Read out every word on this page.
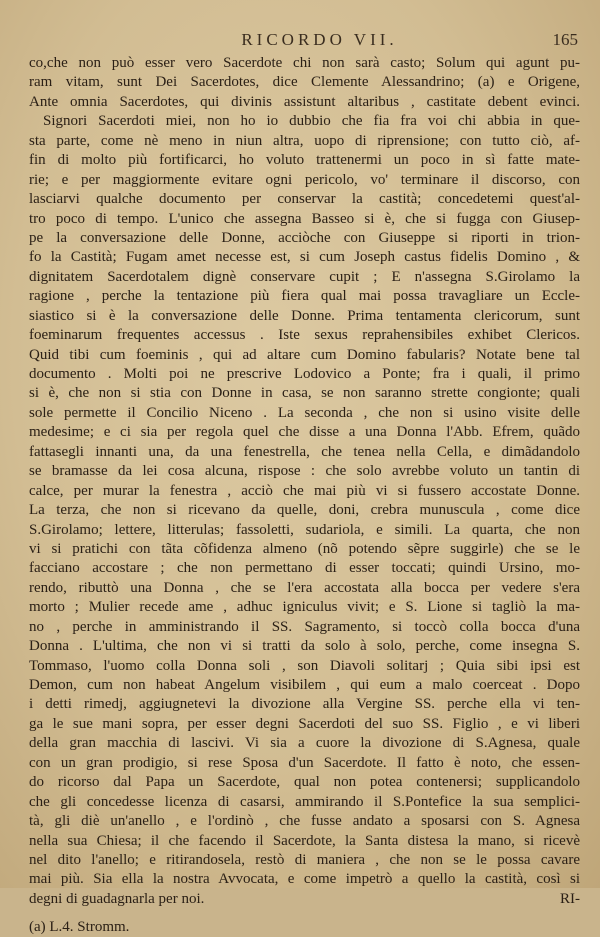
RICORDO VII.	165
co,che non può esser vero Sacerdote chi non sarà casto; Solum qui agunt pu-
ram vitam, sunt Dei Sacerdotes, dice Clemente Alessandrino; (a) e Origene,
Ante omnia Sacerdotes, qui divinis assistunt altaribus , castitate debent evinci.
Signori Sacerdoti miei, non ho io dubbio che fia fra voi chi abbia in que-
sta parte, come nè meno in niun altra, uopo di riprensione; con tutto ciò, af-
fin di molto più fortificarci, ho voluto trattenermi un poco in sì fatte mate-
rie; e per maggiormente evitare ogni pericolo, vo' terminare il discorso, con
lasciarvi qualche documento per conservar la castità; concedetemi quest'al-
tro poco di tempo. L'unico che assegna Basseo si è, che si fugga con Giusep-
pe la conversazione delle Donne, acciòche con Giuseppe si riporti in trion-
fo la Castità; Fugam amet necesse est, si cum Joseph castus fidelis Domino , &
dignitatem Sacerdotalem dignè conservare cupit ; E n'assegna S.Girolamo la
ragione , perche la tentazione più fiera qual mai possa travagliare un Eccle-
siastico si è la conversazione delle Donne. Prima tentamenta clericorum, sunt
foeminarum frequentes accessus . Iste sexus reprahensibiles exhibet Clericos.
Quid tibi cum foeminis , qui ad altare cum Domino fabularis? Notate bene tal
documento . Molti poi ne prescrive Lodovico a Ponte; fra i quali, il primo
si è, che non si stia con Donne in casa, se non saranno strette congionte; quali
sole permette il Concilio Niceno . La seconda , che non si usino visite delle
medesime; e ci sia per regola quel che disse a una Donna l'Abb. Efrem, quãdo
fattasegli innanti una, da una fenestrella, che tenea nella Cella, e dimãdandolo
se bramasse da lei cosa alcuna, rispose : che solo avrebbe voluto un tantin di
calce, per murar la fenestra , acciò che mai più vi si fussero accostate Donne.
La terza, che non si ricevano da quelle, doni, crebra munuscula , come dice
S.Girolamo; lettere, litterulas; fassoletti, sudariola, e simili. La quarta, che non
vi si pratichi con tãta cõfidenza almeno (nõ potendo sẽpre suggirle) che se le
facciano accostare ; che non permettano di esser toccati; quindi Ursino, mo-
rendo, ributtò una Donna , che se l'era accostata alla bocca per vedere s'era
morto ; Mulier recede ame , adhuc igniculus vivit; e S. Lione si tagliò la ma-
no , perche in amministrando il SS. Sagramento, si toccò colla bocca d'una
Donna . L'ultima, che non vi si tratti da solo à solo, perche, come insegna S.
Tommaso, l'uomo colla Donna soli , son Diavoli solitarj ; Quia sibi ipsi est
Demon, cum non habeat Angelum visibilem , qui eum a malo coerceat . Dopo
i detti rimedj, aggiugnetevi la divozione alla Vergine SS. perche ella vi ten-
ga le sue mani sopra, per esser degni Sacerdoti del suo SS. Figlio , e vi liberi
della gran macchia di lascivi. Vi sia a cuore la divozione di S.Agnesa, quale
con un gran prodigio, si rese Sposa d'un Sacerdote. Il fatto è noto, che essen-
do ricorso dal Papa un Sacerdote, qual non potea contenersi; supplicandolo
che gli concedesse licenza di casarsi, ammirando il S.Pontefice la sua semplici-
tà, gli diè un'anello , e l'ordinò , che fusse andato a sposarsi con S. Agnesa
nella sua Chiesa; il che facendo il Sacerdote, la Santa distesa la mano, si ricevè
nel dito l'anello; e ritirandosela, restò di maniera , che non se le possa cavare
mai più. Sia ella la nostra Avvocata, e come impetrò a quello la castità, così si
degni di guadagnarla per noi.	RI-
(a) L.4. Stromm.
